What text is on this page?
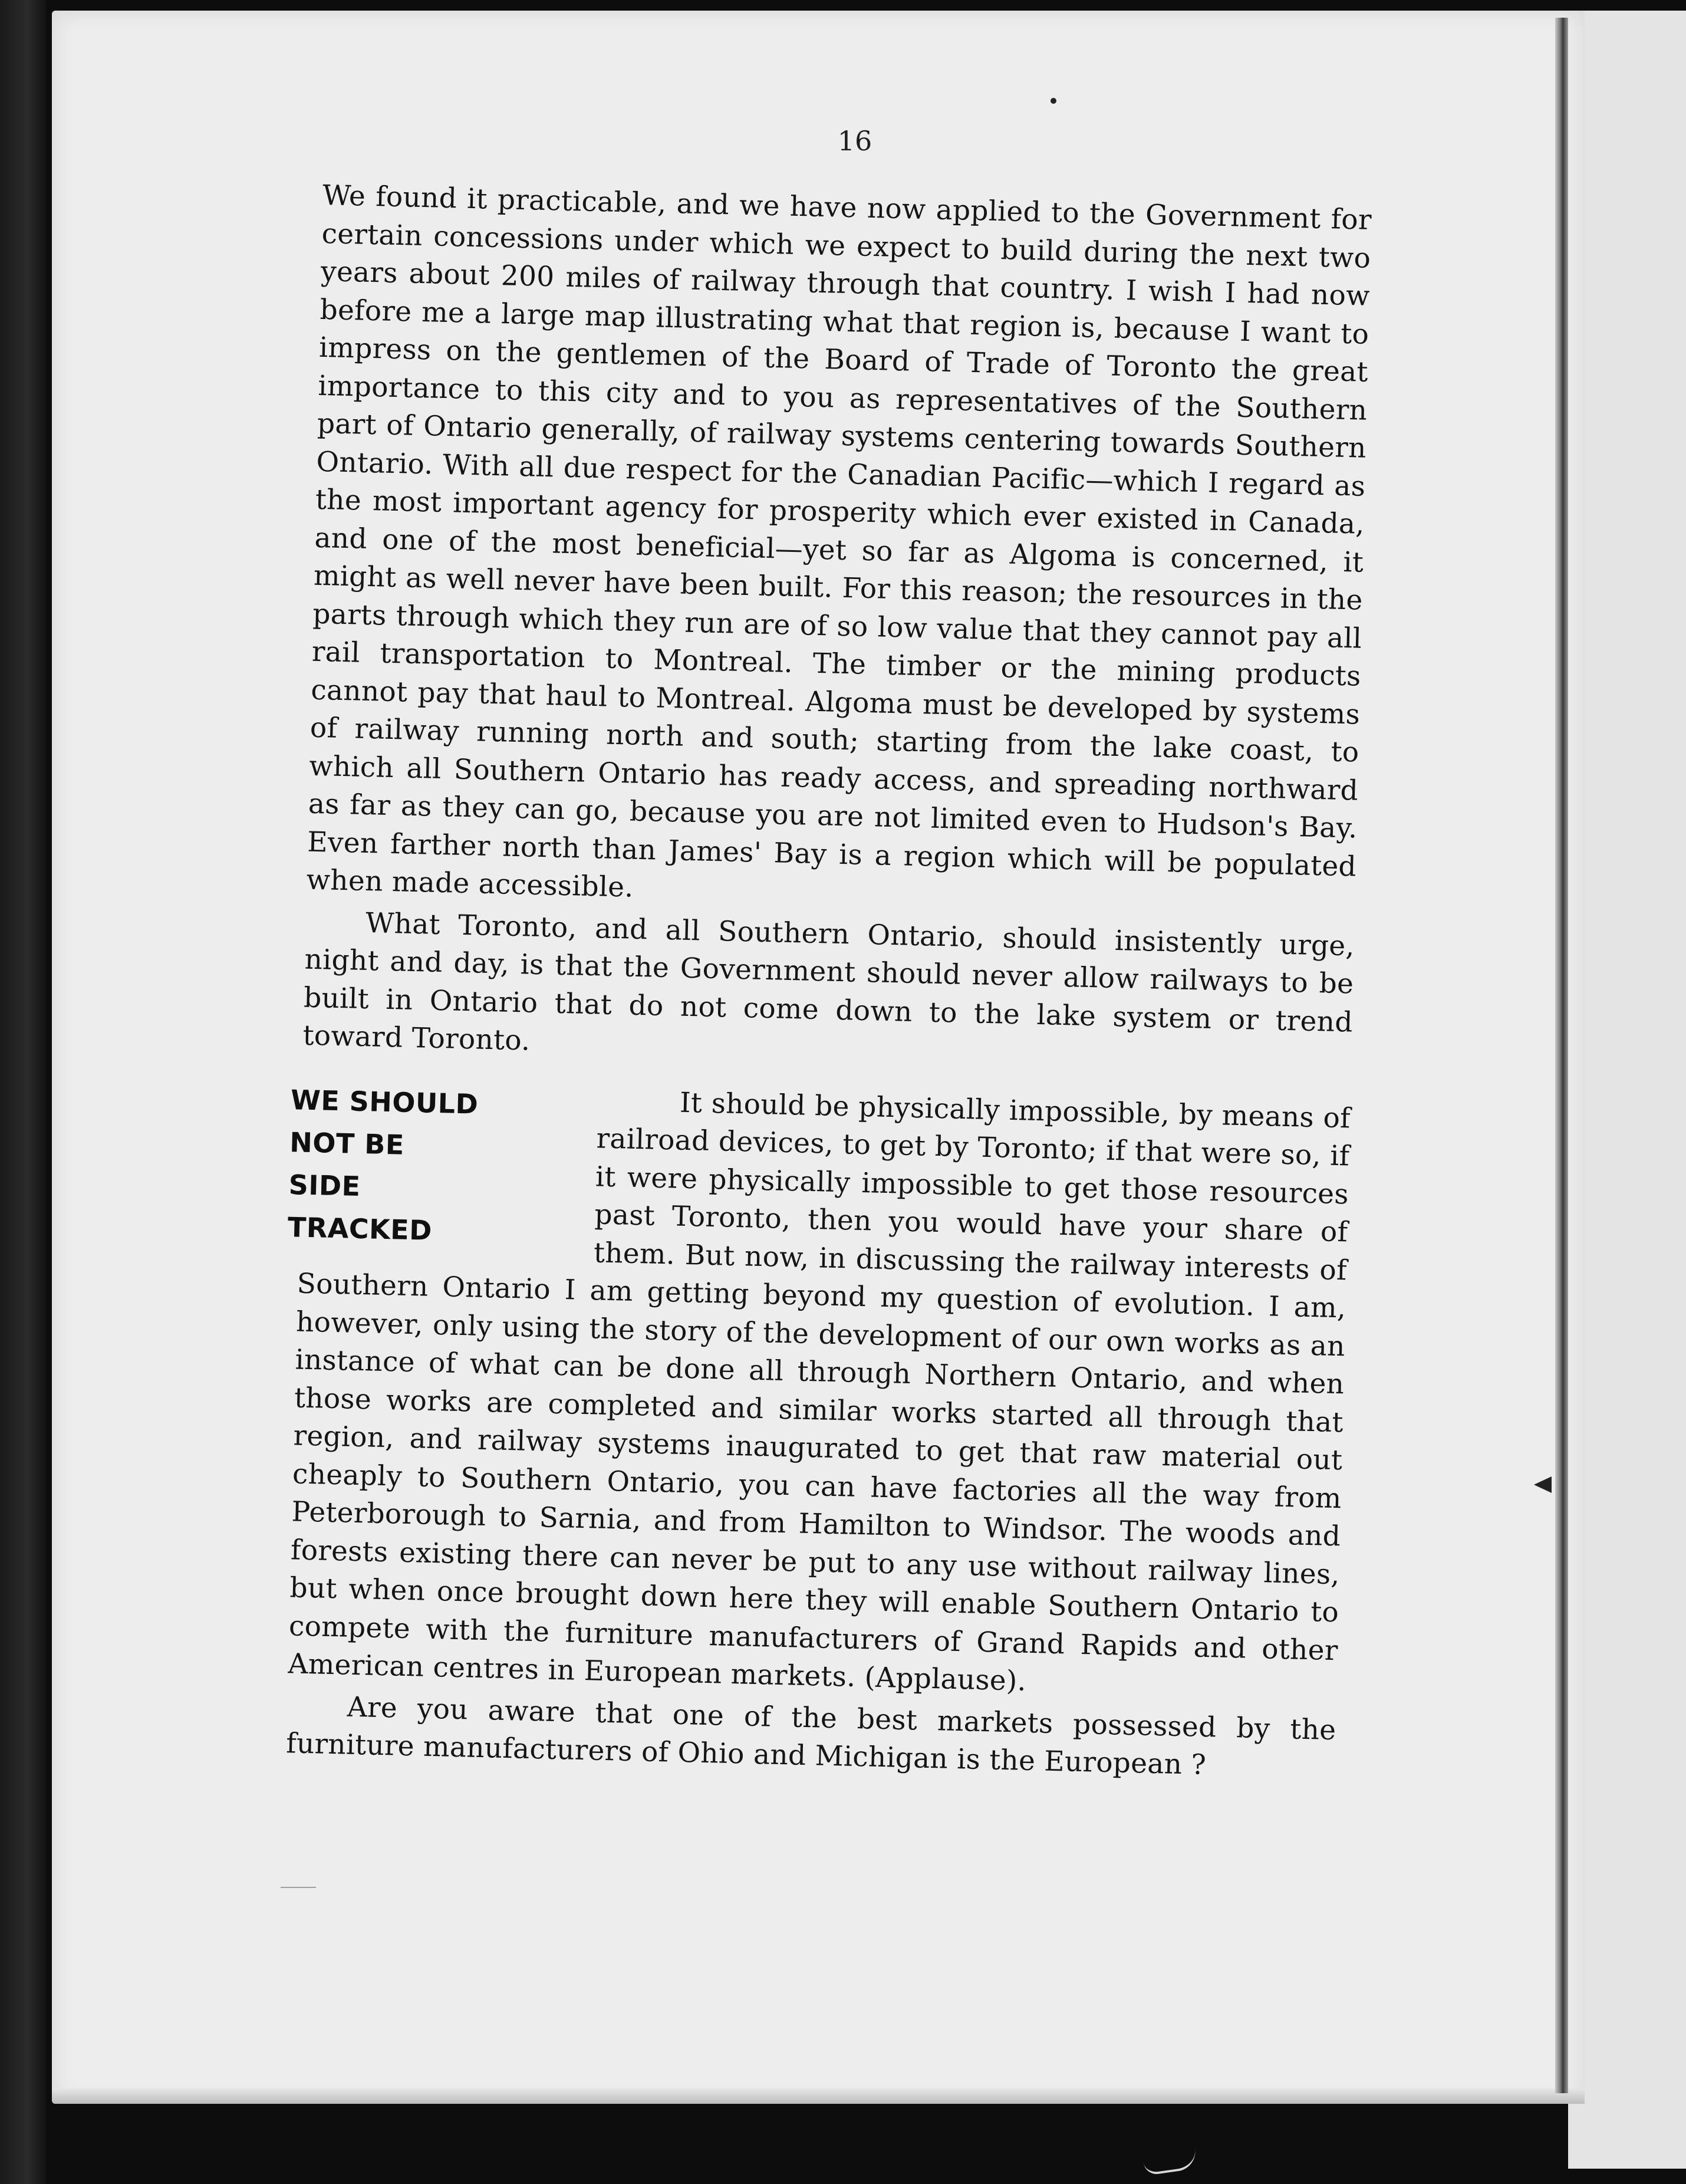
16

We found it practicable, and we have now applied to the Government for certain concessions under which we expect to build during the next two years about 200 miles of railway through that country. I wish I had now before me a large map illustrating what that region is, because I want to impress on the gentlemen of the Board of Trade of Toronto the great importance to this city and to you as representatives of the Southern part of Ontario generally, of railway systems centering towards Southern Ontario. With all due respect for the Canadian Pacific—which I regard as the most important agency for prosperity which ever existed in Canada, and one of the most beneficial—yet so far as Algoma is concerned, it might as well never have been built. For this reason; the resources in the parts through which they run are of so low value that they cannot pay all rail transportation to Montreal. The timber or the mining products cannot pay that haul to Montreal. Algoma must be developed by systems of railway running north and south; starting from the lake coast, to which all Southern Ontario has ready access, and spreading northward as far as they can go, because you are not limited even to Hudson's Bay. Even farther north than James' Bay is a region which will be populated when made accessible.

What Toronto, and all Southern Ontario, should insistently urge, night and day, is that the Government should never allow railways to be built in Ontario that do not come down to the lake system or trend toward Toronto.

WE SHOULD
NOT BE
SIDE
TRACKED

It should be physically impossible, by means of railroad devices, to get by Toronto; if that were so, if it were physically impossible to get those resources past Toronto, then you would have your share of them. But now, in discussing the railway interests of Southern Ontario I am getting beyond my question of evolution. I am, however, only using the story of the development of our own works as an instance of what can be done all through Northern Ontario, and when those works are completed and similar works started all through that region, and railway systems inaugurated to get that raw material out cheaply to Southern Ontario, you can have factories all the way from Peterborough to Sarnia, and from Hamilton to Windsor. The woods and forests existing there can never be put to any use without railway lines, but when once brought down here they will enable Southern Ontario to compete with the furniture manufacturers of Grand Rapids and other American centres in European markets. (Applause).

Are you aware that one of the best markets possessed by the furniture manufacturers of Ohio and Michigan is the European ?
